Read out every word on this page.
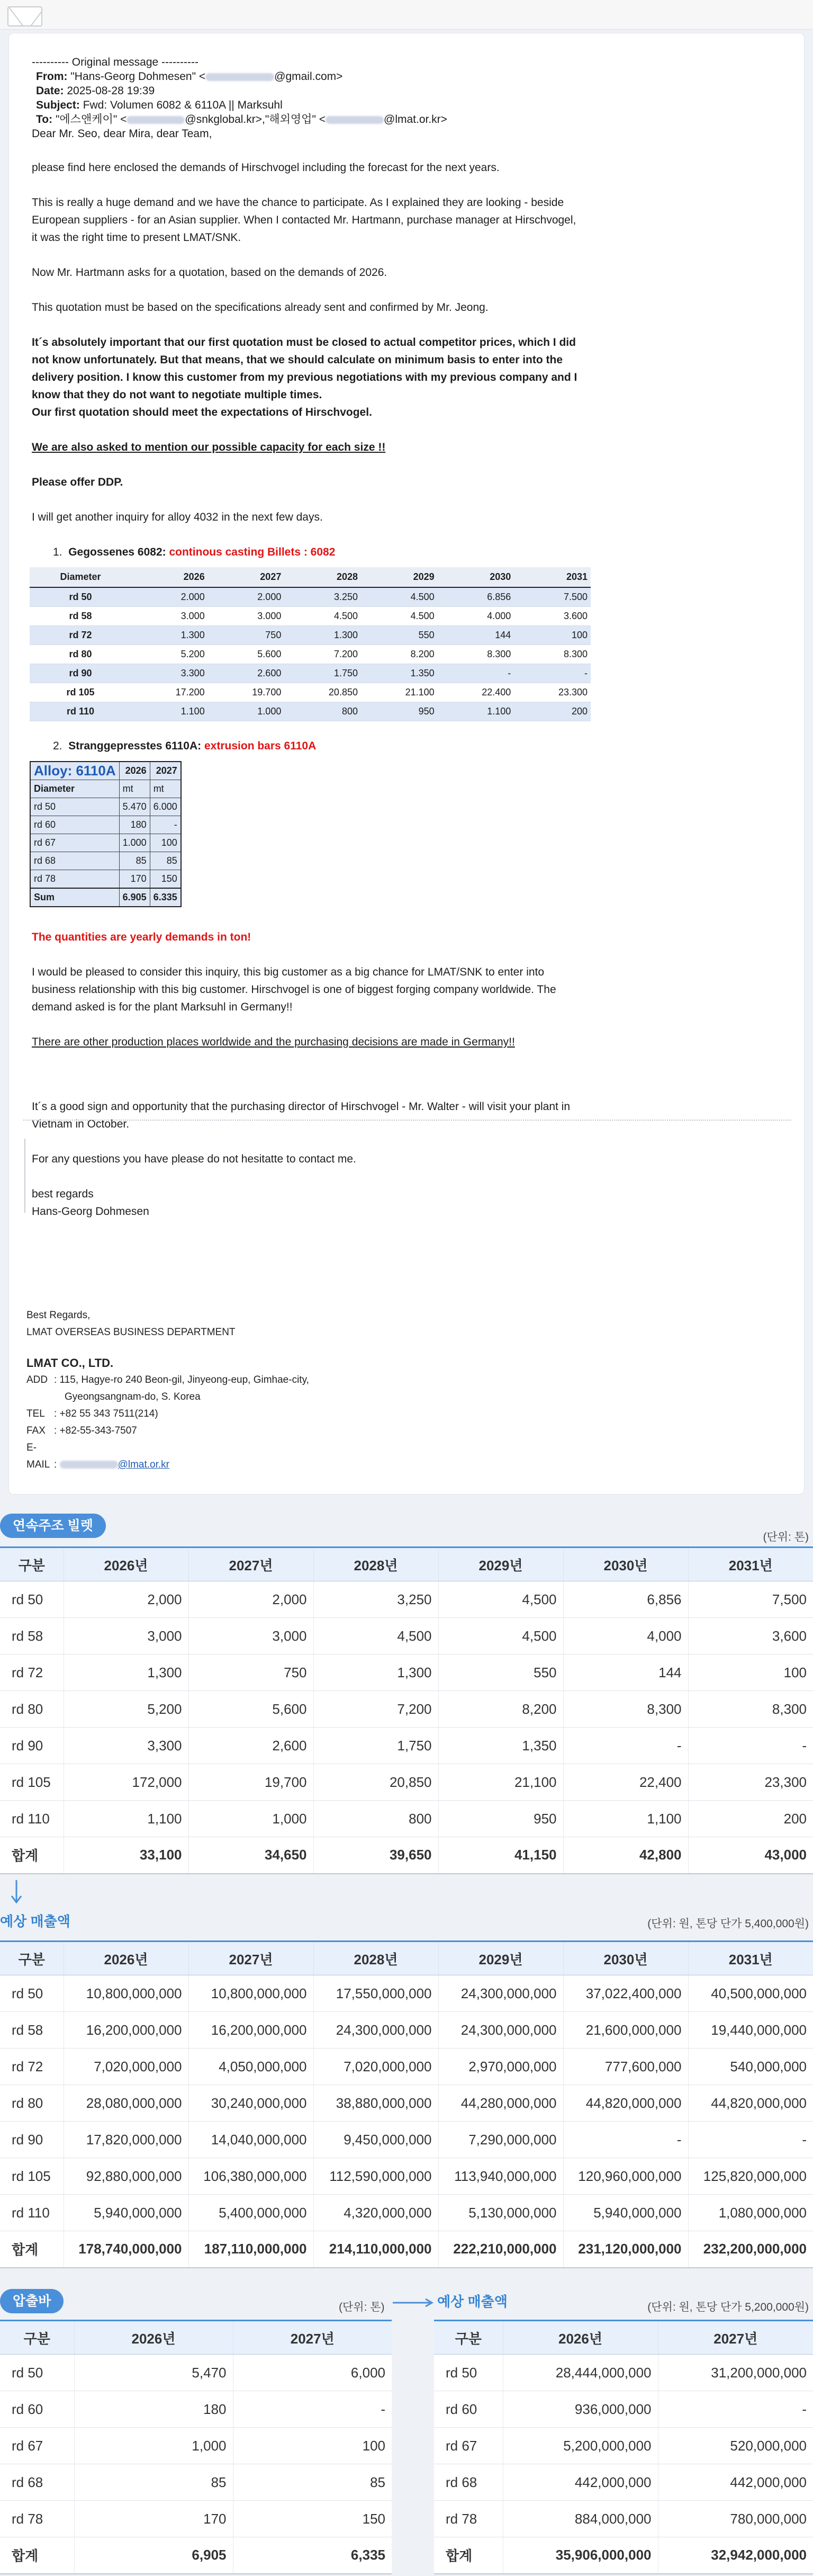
---------- Original message ----------
From: "Hans-Georg Dohmesen" <	@gmail.com>
Date: 2025-08-28 19:39
Subject: Fwd: Volumen 6082 & 6110A || Marksuhl
To: "에스앤케이" <	@snkglobal.kr>,"해외영업" <	@lmat.or.kr>
Dear Mr. Seo, dear Mira, dear Team,
please find here enclosed the demands of Hirschvogel including the forecast for the next years.
This is really a huge demand and we have the chance to participate. As I explained they are looking - beside European suppliers - for an Asian supplier. When I contacted Mr. Hartmann, purchase manager at Hirschvogel, it was the right time to present LMAT/SNK.
Now Mr. Hartmann asks for a quotation, based on the demands of 2026.
This quotation must be based on the specifications already sent and confirmed by Mr. Jeong.
It´s absolutely important that our first quotation must be closed to actual competitor prices, which I did not know unfortunately. But that means, that we should calculate on minimum basis to enter into the delivery position. I know this customer from my previous negotiations with my previous company and I know that they do not want to negotiate multiple times.
Our first quotation should meet the expectations of Hirschvogel.
We are also asked to mention our possible capacity for each size !!
Please offer DDP.
I will get another inquiry for alloy 4032 in the next few days.
1.  Gegossenes 6082: continous casting Billets : 6082
Diameter	2026	2027	2028	2029	2030	2031
rd 50	2.000	2.000	3.250	4.500	6.856	7.500
rd 58	3.000	3.000	4.500	4.500	4.000	3.600
rd 72	1.300	750	1.300	550	144	100
rd 80	5.200	5.600	7.200	8.200	8.300	8.300
rd 90	3.300	2.600	1.750	1.350	-	-
rd 105	17.200	19.700	20.850	21.100	22.400	23.300
rd 110	1.100	1.000	800	950	1.100	200
2.  Stranggepresstes 6110A: extrusion bars 6110A
Alloy: 6110A	2026	2027
Diameter	mt	mt
rd 50	5.470	6.000
rd 60	180	-
rd 67	1.000	100
rd 68	85	85
rd 78	170	150
Sum	6.905	6.335
The quantities are yearly demands in ton!
I would be pleased to consider this inquiry, this big customer as a big chance for LMAT/SNK to enter into business relationship with this big customer. Hirschvogel is one of biggest forging company worldwide. The demand asked is for the plant Marksuhl in Germany!!
There are other production places worldwide and the purchasing decisions are made in Germany!!
It´s a good sign and opportunity that the purchasing director of Hirschvogel - Mr. Walter - will visit your plant in Vietnam in October.
For any questions you have please do not hesitatte to contact me.
best regards
Hans-Georg Dohmesen
Best Regards,
LMAT OVERSEAS BUSINESS DEPARTMENT
LMAT CO., LTD.
ADD : 115, Hagye-ro 240 Beon-gil, Jinyeong-eup, Gimhae-city,
Gyeongsangnam-do, S. Korea
TEL : +82 55 343 7511(214)
FAX : +82-55-343-7507
E-MAIL :	@lmat.or.kr
연속주조 빌렛
(단위: 톤)
구분	2026년	2027년	2028년	2029년	2030년	2031년
rd 50	2,000	2,000	3,250	4,500	6,856	7,500
rd 58	3,000	3,000	4,500	4,500	4,000	3,600
rd 72	1,300	750	1,300	550	144	100
rd 80	5,200	5,600	7,200	8,200	8,300	8,300
rd 90	3,300	2,600	1,750	1,350	-	-
rd 105	172,000	19,700	20,850	21,100	22,400	23,300
rd 110	1,100	1,000	800	950	1,100	200
합계	33,100	34,650	39,650	41,150	42,800	43,000
예상 매출액	(단위: 원, 톤당 단가 5,400,000원)
구분	2026년	2027년	2028년	2029년	2030년	2031년
rd 50	10,800,000,000	10,800,000,000	17,550,000,000	24,300,000,000	37,022,400,000	40,500,000,000
rd 58	16,200,000,000	16,200,000,000	24,300,000,000	24,300,000,000	21,600,000,000	19,440,000,000
rd 72	7,020,000,000	4,050,000,000	7,020,000,000	2,970,000,000	777,600,000	540,000,000
rd 80	28,080,000,000	30,240,000,000	38,880,000,000	44,280,000,000	44,820,000,000	44,820,000,000
rd 90	17,820,000,000	14,040,000,000	9,450,000,000	7,290,000,000	-	-
rd 105	92,880,000,000	106,380,000,000	112,590,000,000	113,940,000,000	120,960,000,000	125,820,000,000
rd 110	5,940,000,000	5,400,000,000	4,320,000,000	5,130,000,000	5,940,000,000	1,080,000,000
합계	178,740,000,000	187,110,000,000	214,110,000,000	222,210,000,000	231,120,000,000	232,200,000,000
압출바	(단위: 톤)	예상 매출액	(단위: 원, 톤당 단가 5,200,000원)
구분	2026년	2027년
rd 50	5,470	6,000
rd 60	180	-
rd 67	1,000	100
rd 68	85	85
rd 78	170	150
합계	6,905	6,335
구분	2026년	2027년
rd 50	28,444,000,000	31,200,000,000
rd 60	936,000,000	-
rd 67	5,200,000,000	520,000,000
rd 68	442,000,000	442,000,000
rd 78	884,000,000	780,000,000
합계	35,906,000,000	32,942,000,000
